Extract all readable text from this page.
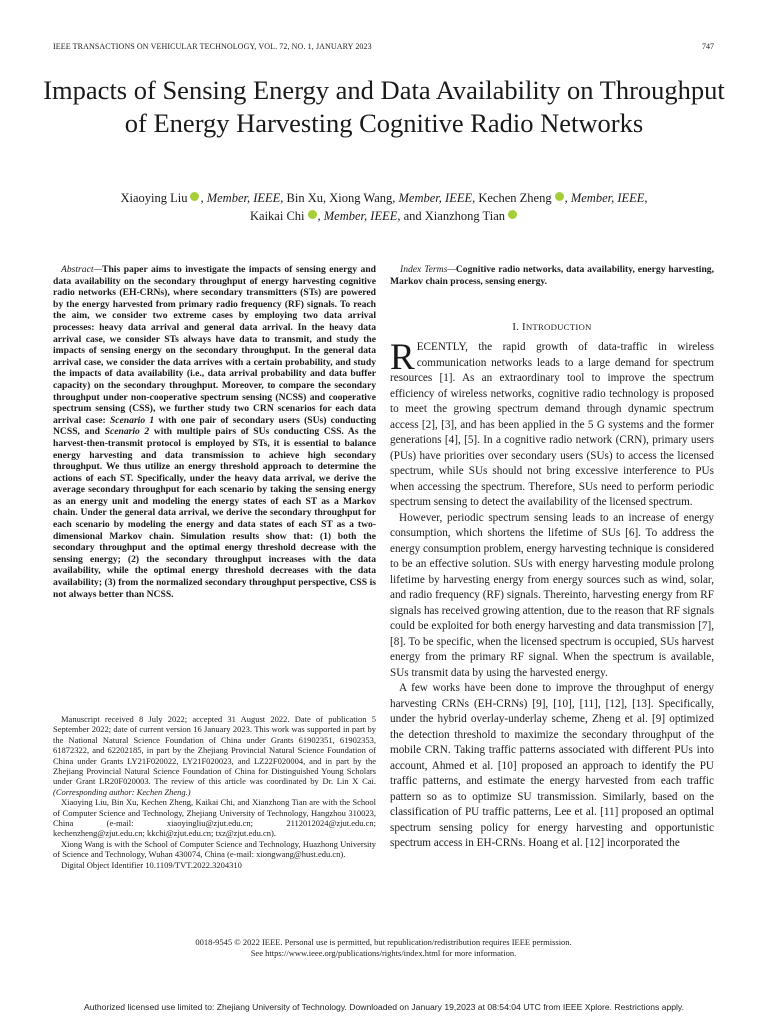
IEEE TRANSACTIONS ON VEHICULAR TECHNOLOGY, VOL. 72, NO. 1, JANUARY 2023	747
Impacts of Sensing Energy and Data Availability on Throughput of Energy Harvesting Cognitive Radio Networks
Xiaoying Liu , Member, IEEE, Bin Xu, Xiong Wang, Member, IEEE, Kechen Zheng , Member, IEEE,
Kaikai Chi , Member, IEEE, and Xianzhong Tian

Abstract—This paper aims to investigate the impacts of sensing energy and data availability on the secondary throughput of energy harvesting cognitive radio networks (EH-CRNs), where secondary transmitters (STs) are powered by the energy harvested from primary radio frequency (RF) signals. To reach the aim, we consider two extreme cases by employing two data arrival processes: heavy data arrival and general data arrival. In the heavy data arrival case, we consider STs always have data to transmit, and study the impacts of sensing energy on the secondary throughput. In the general data arrival case, we consider the data arrives with a certain probability, and study the impacts of data availability (i.e., data arrival probability and data buffer capacity) on the secondary throughput. Moreover, to compare the secondary throughput under non-cooperative spectrum sensing (NCSS) and cooperative spectrum sensing (CSS), we further study two CRN scenarios for each data arrival case: Scenario 1 with one pair of secondary users (SUs) conducting NCSS, and Scenario 2 with multiple pairs of SUs conducting CSS. As the harvest-then-transmit protocol is employed by STs, it is essential to balance energy harvesting and data transmission to achieve high secondary throughput. We thus utilize an energy threshold approach to determine the actions of each ST. Specifically, under the heavy data arrival, we derive the average secondary throughput for each scenario by taking the sensing energy as an energy unit and modeling the energy states of each ST as a Markov chain. Under the general data arrival, we derive the secondary throughput for each scenario by modeling the energy and data states of each ST as a two-dimensional Markov chain. Simulation results show that: (1) both the secondary throughput and the optimal energy threshold decrease with the sensing energy; (2) the secondary throughput increases with the data availability, while the optimal energy threshold decreases with the data availability; (3) from the normalized secondary throughput perspective, CSS is not always better than NCSS.

Manuscript received 8 July 2022; accepted 31 August 2022. Date of publication 5 September 2022; date of current version 16 January 2023. This work was supported in part by the National Natural Science Foundation of China under Grants 61902351, 61902353, 61872322, and 62202185, in part by the Zhejiang Provincial Natural Science Foundation of China under Grants LY21F020022, LY21F020023, and LZ22F020004, and in part by the Zhejiang Provincial Natural Science Foundation of China for Distinguished Young Scholars under Grant LR20F020003. The review of this article was coordinated by Dr. Lin X Cai. (Corresponding author: Kechen Zheng.)

Xiaoying Liu, Bin Xu, Kechen Zheng, Kaikai Chi, and Xianzhong Tian are with the School of Computer Science and Technology, Zhejiang University of Technology, Hangzhou 310023, China (e-mail: xiaoyingliu@zjut.edu.cn; 2112012024@zjut.edu.cn; kechenzheng@zjut.edu.cn; kkchi@zjut.edu.cn; txz@zjut.edu.cn).

Xiong Wang is with the School of Computer Science and Technology, Huazhong University of Science and Technology, Wuhan 430074, China (e-mail: xiongwang@hust.edu.cn).

Digital Object Identifier 10.1109/TVT.2022.3204310

Index Terms—Cognitive radio networks, data availability, energy harvesting, Markov chain process, sensing energy.

I. INTRODUCTION

RECENTLY, the rapid growth of data-traffic in wireless communication networks leads to a large demand for spectrum resources [1]. As an extraordinary tool to improve the spectrum efficiency of wireless networks, cognitive radio technology is proposed to meet the growing spectrum demand through dynamic spectrum access [2], [3], and has been applied in the 5 G systems and the former generations [4], [5]. In a cognitive radio network (CRN), primary users (PUs) have priorities over secondary users (SUs) to access the licensed spectrum, while SUs should not bring excessive interference to PUs when accessing the spectrum. Therefore, SUs need to perform periodic spectrum sensing to detect the availability of the licensed spectrum.

However, periodic spectrum sensing leads to an increase of energy consumption, which shortens the lifetime of SUs [6]. To address the energy consumption problem, energy harvesting technique is considered to be an effective solution. SUs with energy harvesting module prolong lifetime by harvesting energy from energy sources such as wind, solar, and radio frequency (RF) signals. Thereinto, harvesting energy from RF signals has received growing attention, due to the reason that RF signals could be exploited for both energy harvesting and data transmission [7], [8]. To be specific, when the licensed spectrum is occupied, SUs harvest energy from the primary RF signal. When the spectrum is available, SUs transmit data by using the harvested energy.

A few works have been done to improve the throughput of energy harvesting CRNs (EH-CRNs) [9], [10], [11], [12], [13]. Specifically, under the hybrid overlay-underlay scheme, Zheng et al. [9] optimized the detection threshold to maximize the secondary throughput of the mobile CRN. Taking traffic patterns associated with different PUs into account, Ahmed et al. [10] proposed an approach to identify the PU traffic patterns, and estimate the energy harvested from each traffic pattern so as to optimize SU transmission. Similarly, based on the classification of PU traffic patterns, Lee et al. [11] proposed an optimal spectrum sensing policy for energy harvesting and opportunistic spectrum access in EH-CRNs. Hoang et al. [12] incorporated the

0018-9545 © 2022 IEEE. Personal use is permitted, but republication/redistribution requires IEEE permission.
See https://www.ieee.org/publications/rights/index.html for more information.
Authorized licensed use limited to: Zhejiang University of Technology. Downloaded on January 19,2023 at 08:54:04 UTC from IEEE Xplore. Restrictions apply.
